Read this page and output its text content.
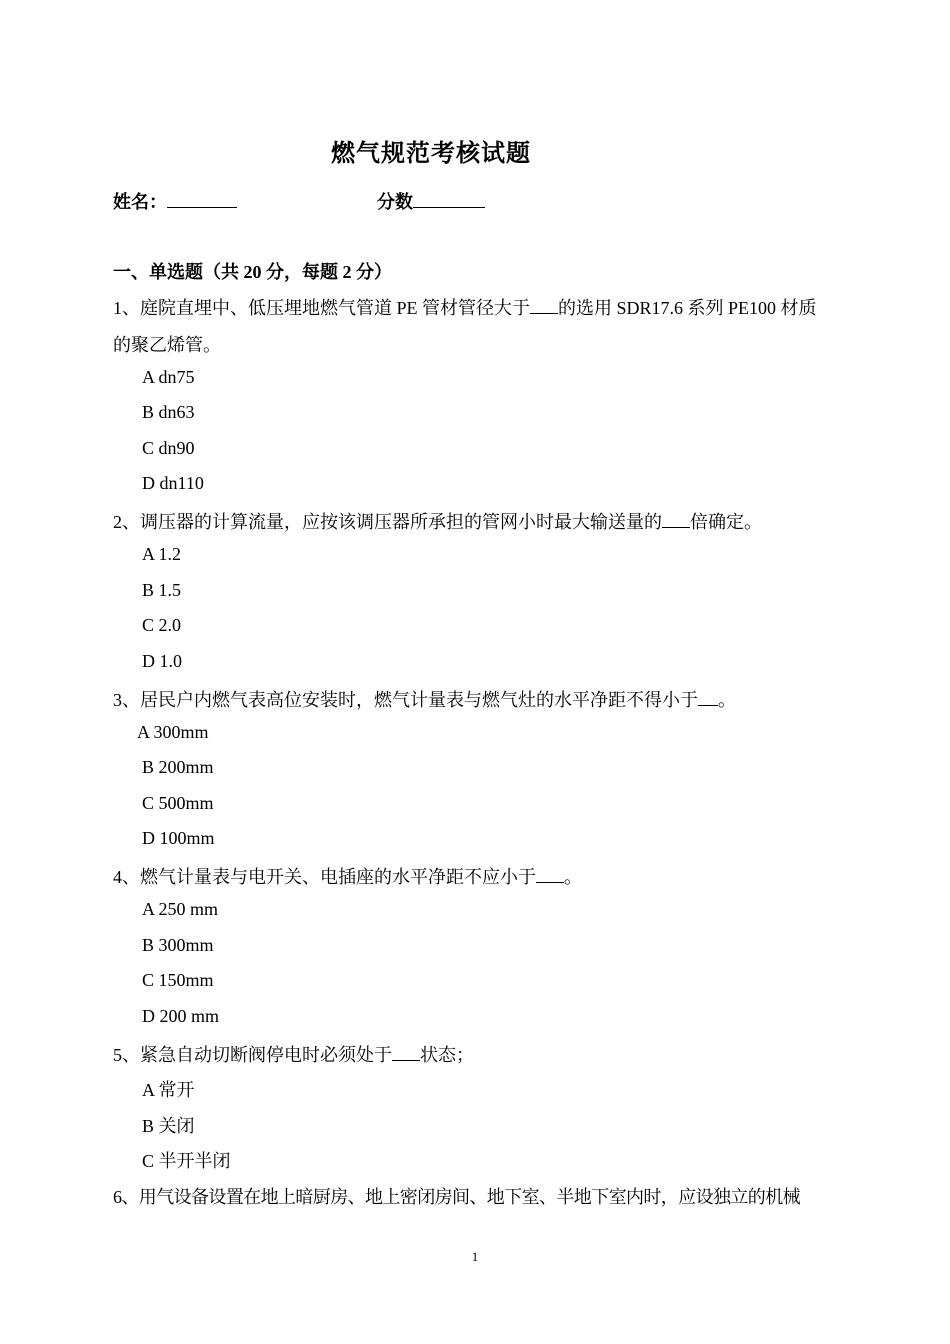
燃气规范考核试题
姓名：	分数
一、单选题（共 20 分，每题 2 分）
1、庭院直埋中、低压埋地燃气管道 PE 管材管径大于 的选用 SDR17.6 系列 PE100 材质
的聚乙烯管。
A dn75
B dn63
C dn90
D dn110
2、调压器的计算流量，应按该调压器所承担的管网小时最大输送量的 倍确定。
A 1.2
B 1.5
C 2.0
D 1.0
3、居民户内燃气表高位安装时，燃气计量表与燃气灶的水平净距不得小于 。
A 300mm
B 200mm
C 500mm
D 100mm
4、燃气计量表与电开关、电插座的水平净距不应小于 。
A 250 mm
B 300mm
C 150mm
D 200 mm
5、紧急自动切断阀停电时必须处于 状态；
A 常开
B 关闭
C 半开半闭
6、用气设备设置在地上暗厨房、地上密闭房间、地下室、半地下室内时，应设独立的机械
1
